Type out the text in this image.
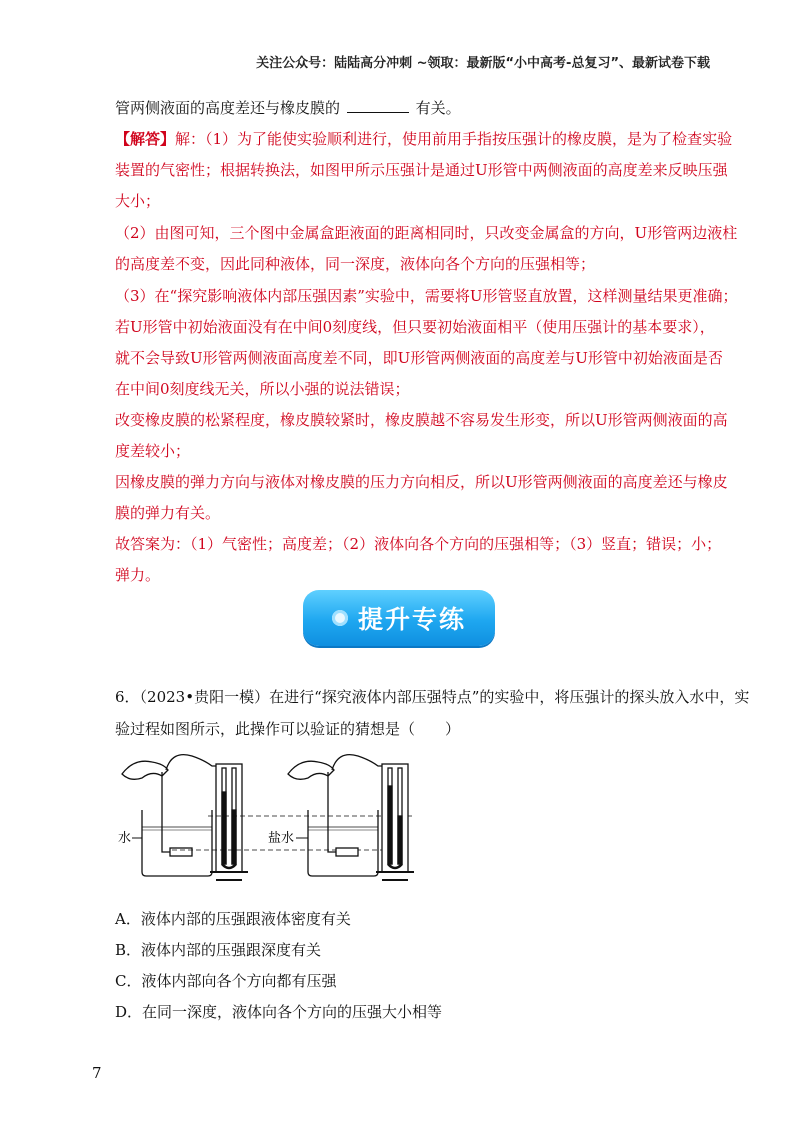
关注公众号：陆陆高分冲刺 ~领取：最新版“小中高考-总复习”、最新试卷下载
管两侧液面的高度差还与橡皮膜的	有关。
【解答】解：（1）为了能使实验顺利进行，使用前用手指按压强计的橡皮膜，是为了检查实验
装置的气密性；根据转换法，如图甲所示压强计是通过U形管中两侧液面的高度差来反映压强
大小；
（2）由图可知，三个图中金属盒距液面的距离相同时，只改变金属盒的方向，U形管两边液柱
的高度差不变，因此同种液体，同一深度，液体向各个方向的压强相等；
（3）在“探究影响液体内部压强因素”实验中，需要将U形管竖直放置，这样测量结果更准确；
若U形管中初始液面没有在中间0刻度线，但只要初始液面相平（使用压强计的基本要求），
就不会导致U形管两侧液面高度差不同，即U形管两侧液面的高度差与U形管中初始液面是否
在中间0刻度线无关，所以小强的说法错误；
改变橡皮膜的松紧程度，橡皮膜较紧时，橡皮膜越不容易发生形变，所以U形管两侧液面的高
度差较小；
因橡皮膜的弹力方向与液体对橡皮膜的压力方向相反，所以U形管两侧液面的高度差还与橡皮
膜的弹力有关。
故答案为：（1）气密性；高度差；（2）液体向各个方向的压强相等；（3）竖直；错误；小；
弹力。
提升专练
6．（2023•贵阳一模）在进行“探究液体内部压强特点”的实验中，将压强计的探头放入水中，实
验过程如图所示，此操作可以验证的猜想是（　　）
水	盐水
A．液体内部的压强跟液体密度有关
B．液体内部的压强跟深度有关
C．液体内部向各个方向都有压强
D．在同一深度，液体向各个方向的压强大小相等
7
